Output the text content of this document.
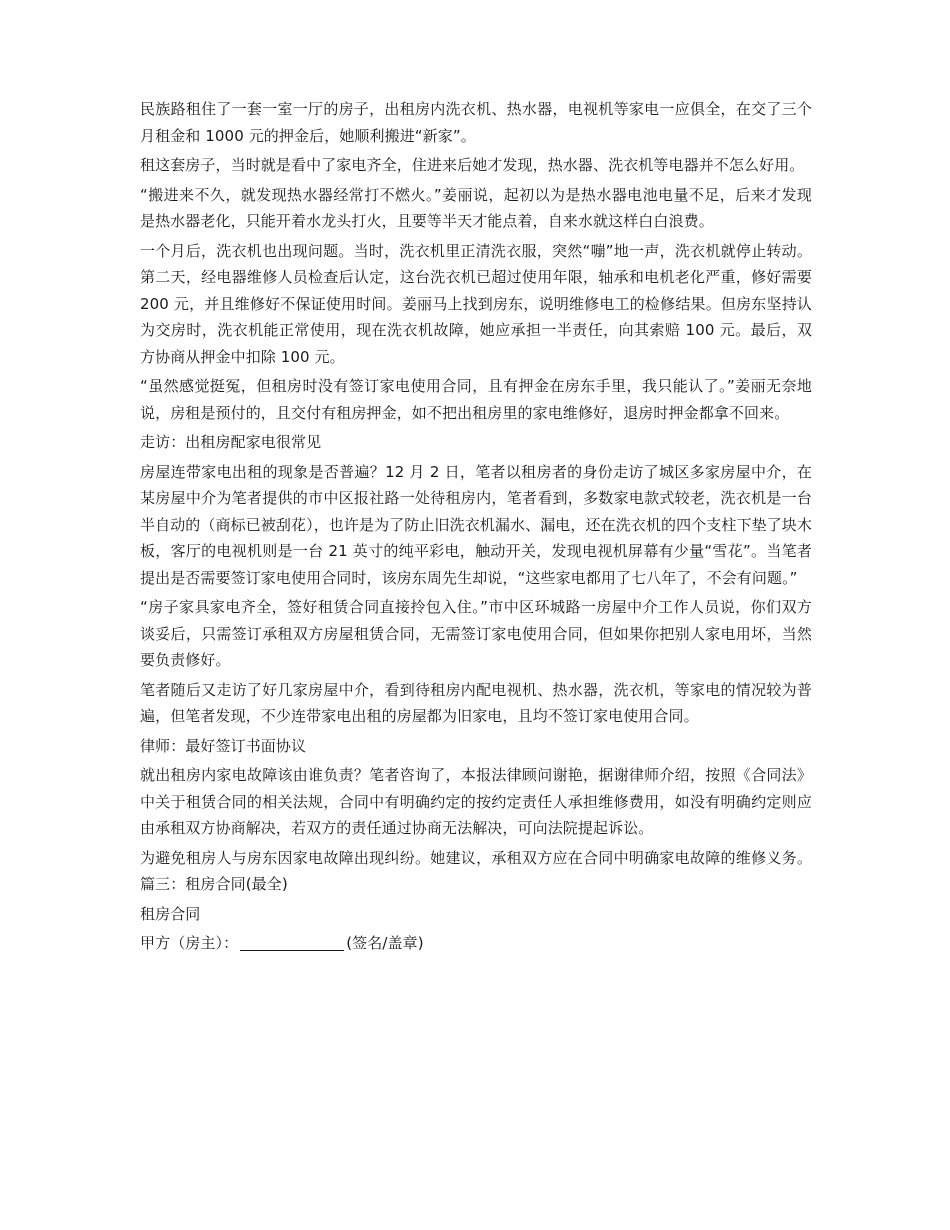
民族路租住了一套一室一厅的房子，出租房内洗衣机、热水器，电视机等家电一应俱全，在交了三个月租金和 1000 元的押金后，她顺利搬进“新家”。

租这套房子，当时就是看中了家电齐全，住进来后她才发现，热水器、洗衣机等电器并不怎么好用。

“搬进来不久，就发现热水器经常打不燃火。”姜丽说，起初以为是热水器电池电量不足，后来才发现是热水器老化，只能开着水龙头打火，且要等半天才能点着，自来水就这样白白浪费。

一个月后，洗衣机也出现问题。当时，洗衣机里正清洗衣服，突然“嘣”地一声，洗衣机就停止转动。第二天，经电器维修人员检查后认定，这台洗衣机已超过使用年限，轴承和电机老化严重，修好需要 200 元，并且维修好不保证使用时间。姜丽马上找到房东，说明维修电工的检修结果。但房东坚持认为交房时，洗衣机能正常使用，现在洗衣机故障，她应承担一半责任，向其索赔 100 元。最后，双方协商从押金中扣除 100 元。

“虽然感觉挺冤，但租房时没有签订家电使用合同，且有押金在房东手里，我只能认了。”姜丽无奈地说，房租是预付的，且交付有租房押金，如不把出租房里的家电维修好，退房时押金都拿不回来。

走访：出租房配家电很常见

房屋连带家电出租的现象是否普遍？12 月 2 日，笔者以租房者的身份走访了城区多家房屋中介，在某房屋中介为笔者提供的市中区报社路一处待租房内，笔者看到，多数家电款式较老，洗衣机是一台半自动的（商标已被刮花），也许是为了防止旧洗衣机漏水、漏电，还在洗衣机的四个支柱下垫了块木板，客厅的电视机则是一台 21 英寸的纯平彩电，触动开关，发现电视机屏幕有少量“雪花”。当笔者提出是否需要签订家电使用合同时，该房东周先生却说，“这些家电都用了七八年了，不会有问题。”

“房子家具家电齐全，签好租赁合同直接拎包入住。”市中区环城路一房屋中介工作人员说，你们双方谈妥后，只需签订承租双方房屋租赁合同，无需签订家电使用合同，但如果你把别人家电用坏，当然要负责修好。

笔者随后又走访了好几家房屋中介，看到待租房内配电视机、热水器，洗衣机，等家电的情况较为普遍，但笔者发现，不少连带家电出租的房屋都为旧家电，且均不签订家电使用合同。

律师：最好签订书面协议

就出租房内家电故障该由谁负责？笔者咨询了，本报法律顾问谢艳，据谢律师介绍，按照《合同法》中关于租赁合同的相关法规，合同中有明确约定的按约定责任人承担维修费用，如没有明确约定则应由承租双方协商解决，若双方的责任通过协商无法解决，可向法院提起诉讼。

为避免租房人与房东因家电故障出现纠纷。她建议，承租双方应在合同中明确家电故障的维修义务。篇三：租房合同(最全)

租房合同

甲方（房主）：	(签名/盖章)
